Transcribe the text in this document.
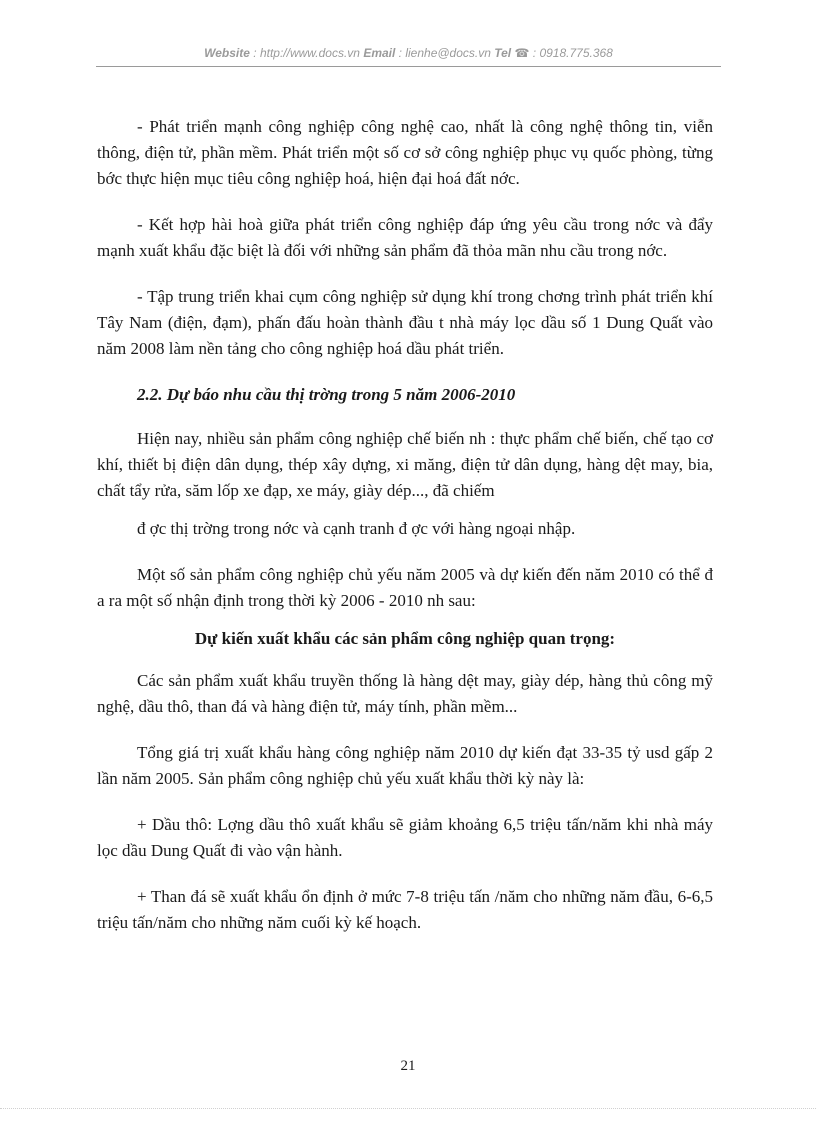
Website : http://www.docs.vn Email : lienhe@docs.vn Tel ☎ : 0918.775.368

- Phát triển mạnh công nghiệp công nghệ cao, nhất là công nghệ thông tin, viễn thông, điện tử, phần mềm. Phát triển một số cơ sở công nghiệp phục vụ quốc phòng, từng bớc thực hiện mục tiêu công nghiệp hoá, hiện đại hoá đất nớc.

- Kết hợp hài hoà giữa phát triển công nghiệp đáp ứng yêu cầu trong nớc và đẩy mạnh xuất khẩu đặc biệt là đối với những sản phẩm đã thỏa mãn nhu cầu trong nớc.

- Tập trung triển khai cụm công nghiệp sử dụng khí trong chơng trình phát triển khí Tây Nam (điện, đạm), phấn đấu hoàn thành đầu t nhà máy lọc dầu số 1 Dung Quất vào năm 2008 làm nền tảng cho công nghiệp hoá dầu phát triển.

2.2. Dự báo nhu cầu thị trờng trong 5 năm 2006-2010

Hiện nay, nhiều sản phẩm công nghiệp chế biến nh : thực phẩm chế biến, chế tạo cơ khí, thiết bị điện dân dụng, thép xây dựng, xi măng, điện tử dân dụng, hàng dệt may, bia, chất tẩy rửa, săm lốp xe đạp, xe máy, giày dép..., đã chiếm

đ ợc thị trờng trong nớc và cạnh tranh đ ợc với hàng ngoại nhập.

Một số sản phẩm công nghiệp chủ yếu năm 2005 và dự kiến đến năm 2010 có thể đ a ra một số nhận định trong thời kỳ 2006 - 2010 nh sau:

Dự kiến xuất khẩu các sản phẩm công nghiệp quan trọng:

Các sản phẩm xuất khẩu truyền thống là hàng dệt may, giày dép, hàng thủ công mỹ nghệ, dầu thô, than đá và hàng điện tử, máy tính, phần mềm...

Tổng giá trị xuất khẩu hàng công nghiệp năm 2010 dự kiến đạt 33-35 tỷ usd gấp 2 lần năm 2005. Sản phẩm công nghiệp chủ yếu xuất khẩu thời kỳ này là:

+ Dầu thô: Lợng dầu thô xuất khẩu sẽ giảm khoảng 6,5 triệu tấn/năm khi nhà máy lọc dầu Dung Quất đi vào vận hành.

+ Than đá sẽ xuất khẩu ổn định ở mức 7-8 triệu tấn /năm cho những năm đầu, 6-6,5 triệu tấn/năm cho những năm cuối kỳ kế hoạch.

21
